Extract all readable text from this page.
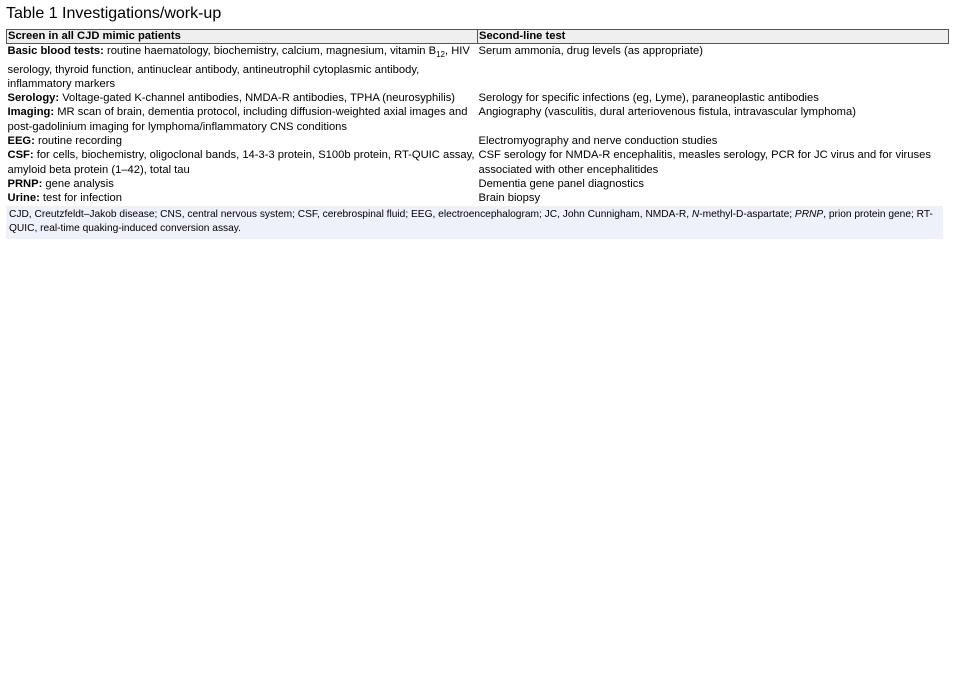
Table 1 Investigations/work-up
Screen in all CJD mimic patients	Second-line test
Basic blood tests: routine haematology, biochemistry, calcium, magnesium, vitamin $B_{12}$, HIV serology, thyroid function, antinuclear antibody, antineutrophil cytoplasmic antibody, inflammatory markers	Serum ammonia, drug levels (as appropriate)
Serology: Voltage-gated K-channel antibodies, NMDA-R antibodies, TPHA (neurosyphilis)	Serology for specific infections (eg, Lyme), paraneoplastic antibodies
Imaging: MR scan of brain, dementia protocol, including diffusion-weighted axial images and post-gadolinium imaging for lymphoma/inflammatory CNS conditions	Angiography (vasculitis, dural arteriovenous fistula, intravascular lymphoma)
EEG: routine recording	Electromyography and nerve conduction studies
CSF: for cells, biochemistry, oligoclonal bands, 14-3-3 protein, S100b protein, RT-QUIC assay, amyloid beta protein (1–42), total tau	CSF serology for NMDA-R encephalitis, measles serology, PCR for JC virus and for viruses associated with other encephalitides
PRNP: gene analysis	Dementia gene panel diagnostics
Urine: test for infection	Brain biopsy
CJD, Creutzfeldt–Jakob disease; CNS, central nervous system; CSF, cerebrospinal fluid; EEG, electroencephalogram; JC, John Cunnigham, NMDA-R, N-methyl-D-aspartate; PRNP, prion protein gene; RT-QUIC, real-time quaking-induced conversion assay.
